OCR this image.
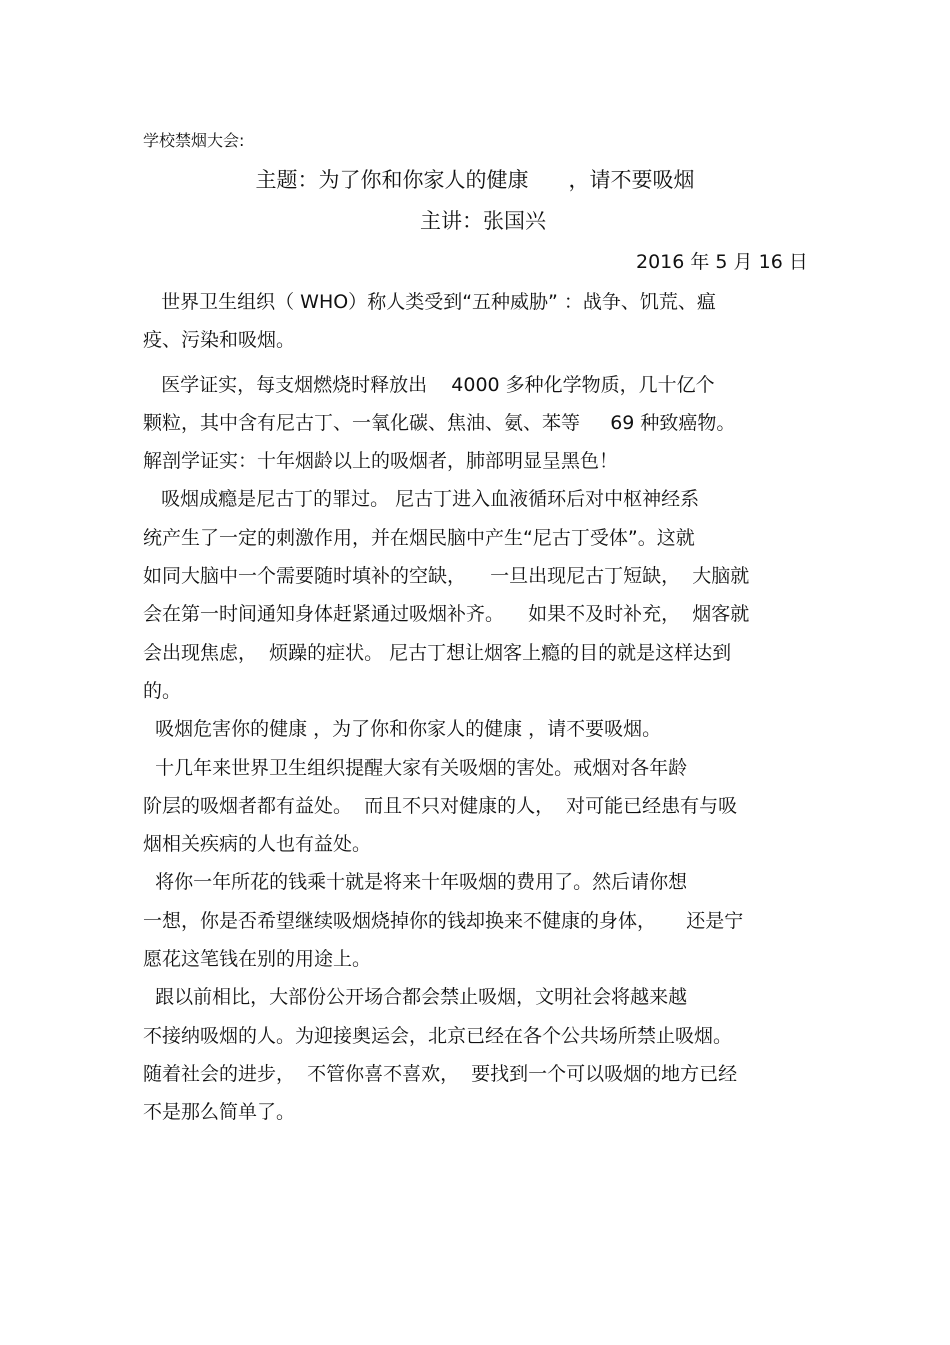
学校禁烟大会:
主题：为了你和你家人的健康      ，请不要吸烟
主讲：张国兴
2016 年 5 月 16 日
世界卫生组织（ WHO）称人类受到“五种威胁” ：战争、饥荒、瘟
疫、污染和吸烟。
医学证实，每支烟燃烧时释放出    4000 多种化学物质，几十亿个
颗粒，其中含有尼古丁、一氧化碳、焦油、氨、苯等     69 种致癌物。
解剖学证实：十年烟龄以上的吸烟者，肺部明显呈黑色！
吸烟成瘾是尼古丁的罪过。 尼古丁进入血液循环后对中枢神经系
统产生了一定的刺激作用，并在烟民脑中产生“尼古丁受体”。这就
如同大脑中一个需要随时填补的空缺，    一旦出现尼古丁短缺，  大脑就
会在第一时间通知身体赶紧通过吸烟补齐。    如果不及时补充，  烟客就
会出现焦虑，  烦躁的症状。 尼古丁想让烟客上瘾的目的就是这样达到
的。
吸烟危害你的健康 ，为了你和你家人的健康 ，请不要吸烟。
十几年来世界卫生组织提醒大家有关吸烟的害处。戒烟对各年龄
阶层的吸烟者都有益处。  而且不只对健康的人，  对可能已经患有与吸
烟相关疾病的人也有益处。
将你一年所花的钱乘十就是将来十年吸烟的费用了。然后请你想
一想，你是否希望继续吸烟烧掉你的钱却换来不健康的身体，     还是宁
愿花这笔钱在别的用途上。
跟以前相比，大部份公开场合都会禁止吸烟，文明社会将越来越
不接纳吸烟的人。为迎接奥运会，北京已经在各个公共场所禁止吸烟。
随着社会的进步，  不管你喜不喜欢，  要找到一个可以吸烟的地方已经
不是那么简单了。
